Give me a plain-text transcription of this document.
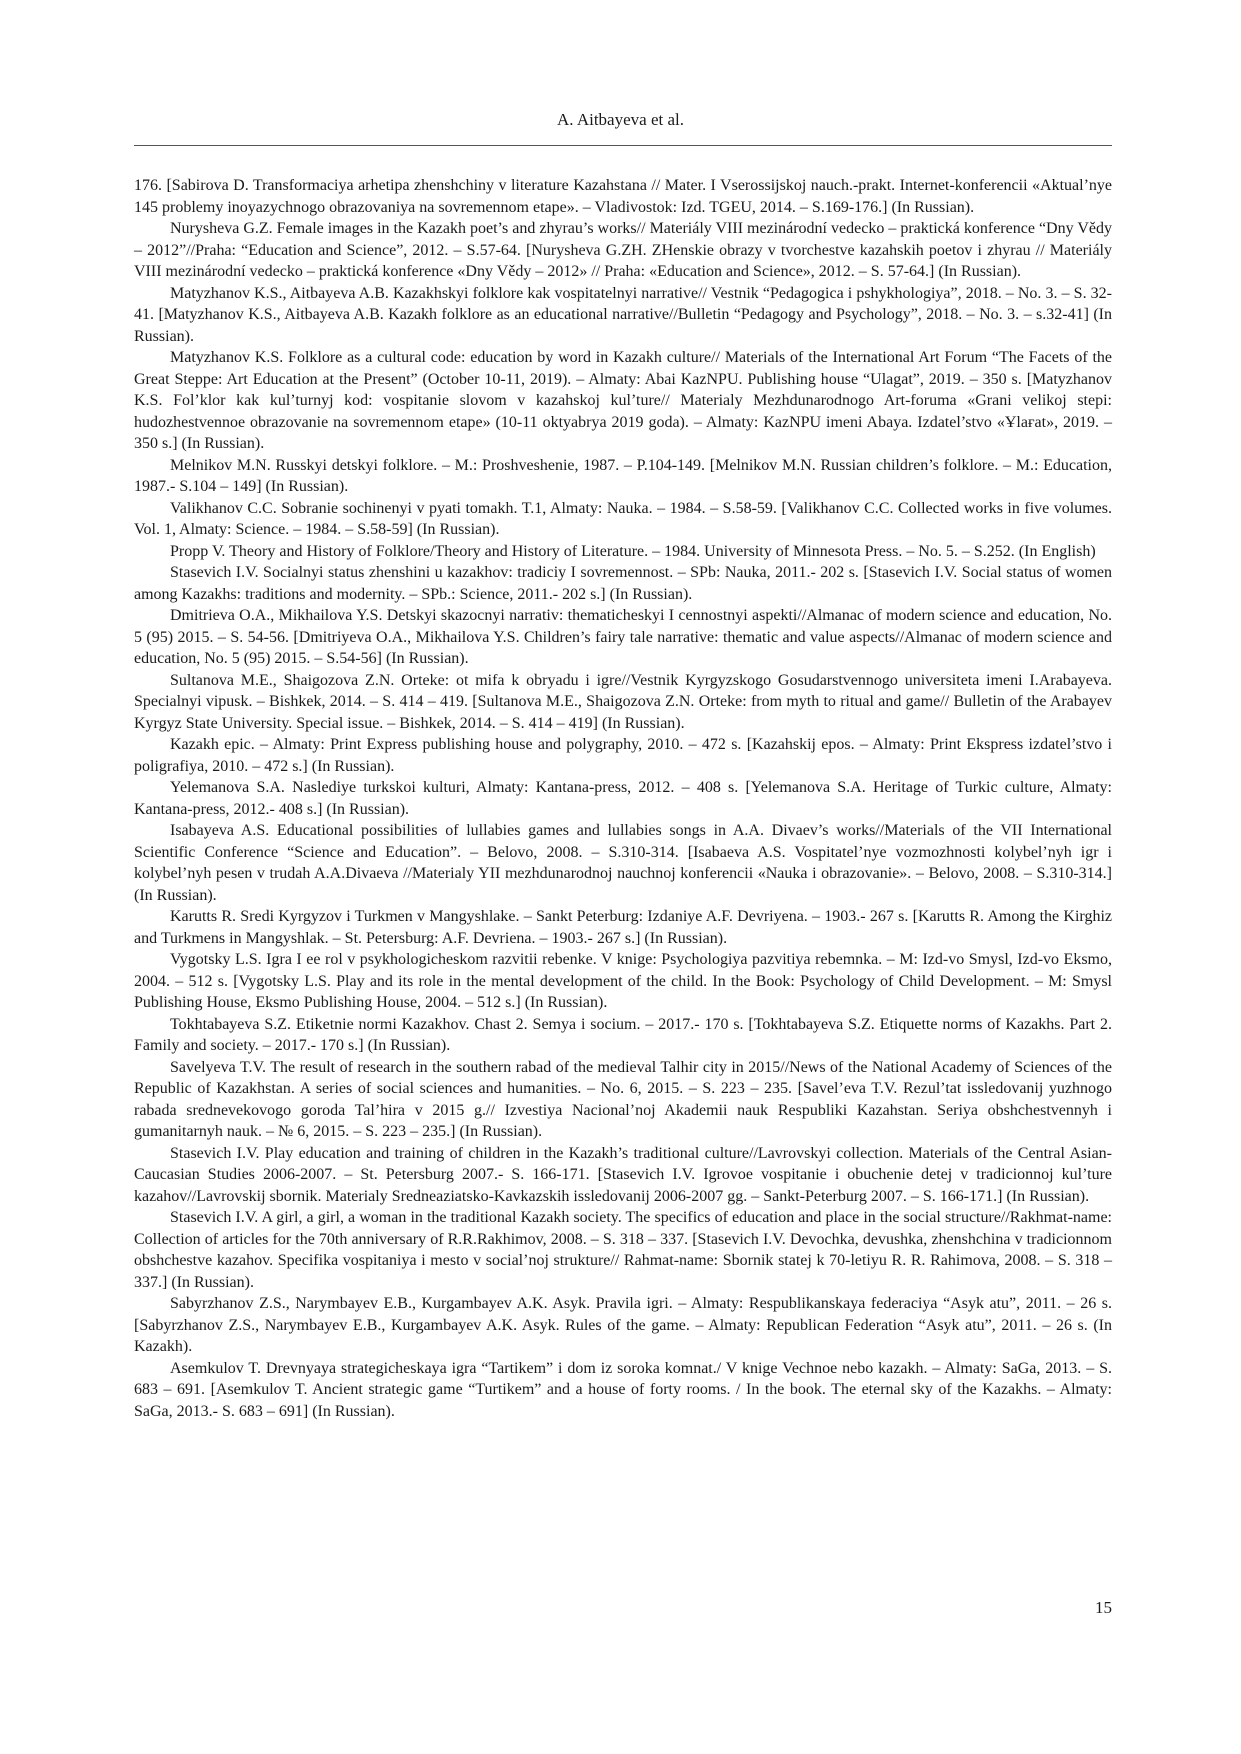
A. Aitbayeva et al.

176. [Sabirova D. Transformaciya arhetipa zhenshchiny v literature Kazahstana // Mater. I Vserossijskoj nauch.-prakt. Internet-konferencii «Aktual’nye 145 problemy inoyazychnogo obrazovaniya na sovremennom etape». – Vladivostok: Izd. TGEU, 2014. – S.169-176.] (In Russian).

Nurysheva G.Z. Female images in the Kazakh poet’s and zhyrau’s works// Materiály VIII mezinárodní vedecko – praktická konference “Dny Vědy – 2012”//Praha: “Education and Science”, 2012. – S.57-64. [Nurysheva G.ZH. ZHenskie obrazy v tvorchestve kazahskih poetov i zhyrau // Materiály VIII mezinárodní vedecko – praktická konference «Dny Vědy – 2012» // Praha: «Education and Science», 2012. – S. 57-64.] (In Russian).

Matyzhanov K.S., Aitbayeva A.B. Kazakhskyi folklore kak vospitatelnyi narrative// Vestnik “Pedagogica i pshykhologiya”, 2018. – No. 3. – S. 32-41. [Matyzhanov K.S., Aitbayeva A.B. Kazakh folklore as an educational narrative//Bulletin “Pedagogy and Psychology”, 2018. – No. 3. – s.32-41] (In Russian).

Matyzhanov K.S. Folklore as a cultural code: education by word in Kazakh culture// Materials of the International Art Forum “The Facets of the Great Steppe: Art Education at the Present” (October 10-11, 2019). – Almaty: Abai KazNPU. Publishing house “Ulagat”, 2019. – 350 s. [Matyzhanov K.S. Fol’klor kak kul’turnyj kod: vospitanie slovom v kazahskoj kul’ture// Materialy Mezhdunarodnogo Art-foruma «Grani velikoj stepi: hudozhestvennoe obrazovanie na sovremennom etape» (10-11 oktyabrya 2019 goda). – Almaty: KazNPU imeni Abaya. Izdatel’stvo «Ұlaғat», 2019. – 350 s.] (In Russian).

Melnikov M.N. Russkyi detskyi folklore. – M.: Proshveshenie, 1987. – P.104-149. [Melnikov M.N. Russian children’s folklore. – M.: Education, 1987.- S.104 – 149] (In Russian).

Valikhanov C.C. Sobranie sochinenyi v pyati tomakh. T.1, Almaty: Nauka. – 1984. – S.58-59. [Valikhanov C.C. Collected works in five volumes. Vol. 1, Almaty: Science. – 1984. – S.58-59] (In Russian).

Propp V. Theory and History of Folklore/Theory and History of Literature. – 1984. University of Minnesota Press. – No. 5. – S.252. (In English)

Stasevich I.V. Socialnyi status zhenshini u kazakhov: tradiciy I sovremennost. – SPb: Nauka, 2011.- 202 s. [Stasevich I.V. Social status of women among Kazakhs: traditions and modernity. – SPb.: Science, 2011.- 202 s.] (In Russian).

Dmitrieva O.A., Mikhailova Y.S. Detskyi skazocnyi narrativ: thematicheskyi I cennostnyi aspekti//Almanac of modern science and education, No. 5 (95) 2015. – S. 54-56. [Dmitriyeva O.A., Mikhailova Y.S. Children’s fairy tale narrative: thematic and value aspects//Almanac of modern science and education, No. 5 (95) 2015. – S.54-56] (In Russian).

Sultanova M.E., Shaigozova Z.N. Orteke: ot mifa k obryadu i igre//Vestnik Kyrgyzskogo Gosudarstvennogo universiteta imeni I.Arabayeva. Specialnyi vipusk. – Bishkek, 2014. – S. 414 – 419. [Sultanova M.E., Shaigozova Z.N. Orteke: from myth to ritual and game// Bulletin of the Arabayev Kyrgyz State University. Special issue. – Bishkek, 2014. – S. 414 – 419] (In Russian).

Kazakh epic. – Almaty: Print Express publishing house and polygraphy, 2010. – 472 s. [Kazahskij epos. – Almaty: Print Ekspress izdatel’stvo i poligrafiya, 2010. – 472 s.] (In Russian).

Yelemanova S.A. Naslediye turkskoi kulturi, Almaty: Kantana-press, 2012. – 408 s. [Yelemanova S.A. Heritage of Turkic culture, Almaty: Kantana-press, 2012.- 408 s.] (In Russian).

Isabayeva A.S. Educational possibilities of lullabies games and lullabies songs in A.A. Divaev’s works//Materials of the VII International Scientific Conference “Science and Education”. – Belovo, 2008. – S.310-314. [Isabaeva A.S. Vospitatel’nye vozmozhnosti kolybel’nyh igr i kolybel’nyh pesen v trudah A.A.Divaeva //Materialy YII mezhdunarodnoj nauchnoj konferencii «Nauka i obrazovanie». – Belovo, 2008. – S.310-314.] (In Russian).

Karutts R. Sredi Kyrgyzov i Turkmen v Mangyshlake. – Sankt Peterburg: Izdaniye A.F. Devriyena. – 1903.- 267 s. [Karutts R. Among the Kirghiz and Turkmens in Mangyshlak. – St. Petersburg: A.F. Devriena. – 1903.- 267 s.] (In Russian).

Vygotsky L.S. Igra I ee rol v psykhologicheskom razvitii rebenke. V knige: Psychologiya pazvitiya rebemnka. – M: Izd-vo Smysl, Izd-vo Eksmo, 2004. – 512 s. [Vygotsky L.S. Play and its role in the mental development of the child. In the Book: Psychology of Child Development. – M: Smysl Publishing House, Eksmo Publishing House, 2004. – 512 s.] (In Russian).

Tokhtabayeva S.Z. Etiketnie normi Kazakhov. Chast 2. Semya i socium. – 2017.- 170 s. [Tokhtabayeva S.Z. Etiquette norms of Kazakhs. Part 2. Family and society. – 2017.- 170 s.] (In Russian).

Savelyeva T.V. The result of research in the southern rabad of the medieval Talhir city in 2015//News of the National Academy of Sciences of the Republic of Kazakhstan. A series of social sciences and humanities. – No. 6, 2015. – S. 223 – 235. [Savel’eva T.V. Rezul’tat issledovanij yuzhnogo rabada srednevekovogo goroda Tal’hira v 2015 g.// Izvestiya Nacional’noj Akademii nauk Respubliki Kazahstan. Seriya obshchestvennyh i gumanitarnyh nauk. – № 6, 2015. – S. 223 – 235.] (In Russian).

Stasevich I.V. Play education and training of children in the Kazakh’s traditional culture//Lavrovskyi collection. Materials of the Central Asian-Caucasian Studies 2006-2007. – St. Petersburg 2007.- S. 166-171. [Stasevich I.V. Igrovoe vospitanie i obuchenie detej v tradicionnoj kul’ture kazahov//Lavrovskij sbornik. Materialy Sredneaziatsko-Kavkazskih issledovanij 2006-2007 gg. – Sankt-Peterburg 2007. – S. 166-171.] (In Russian).

Stasevich I.V. A girl, a girl, a woman in the traditional Kazakh society. The specifics of education and place in the social structure//Rakhmat-name: Collection of articles for the 70th anniversary of R.R.Rakhimov, 2008. – S. 318 – 337. [Stasevich I.V. Devochka, devushka, zhenshchina v tradicionnom obshchestve kazahov. Specifika vospitaniya i mesto v social’noj strukture// Rahmat-name: Sbornik statej k 70-letiyu R. R. Rahimova, 2008. – S. 318 – 337.] (In Russian).

Sabyrzhanov Z.S., Narymbayev E.B., Kurgambayev A.K. Asyk. Pravila igri. – Almaty: Respublikanskaya federaciya “Asyk atu”, 2011. – 26 s. [Sabyrzhanov Z.S., Narymbayev E.B., Kurgambayev A.K. Asyk. Rules of the game. – Almaty: Republican Federation “Asyk atu”, 2011. – 26 s. (In Kazakh).

Asemkulov T. Drevnyaya strategicheskaya igra “Tartikem” i dom iz soroka komnat./ V knige Vechnoe nebo kazakh. – Almaty: SaGa, 2013. – S. 683 – 691. [Asemkulov T. Ancient strategic game “Turtikem” and a house of forty rooms. / In the book. The eternal sky of the Kazakhs. – Almaty: SaGa, 2013.- S. 683 – 691] (In Russian).

15
